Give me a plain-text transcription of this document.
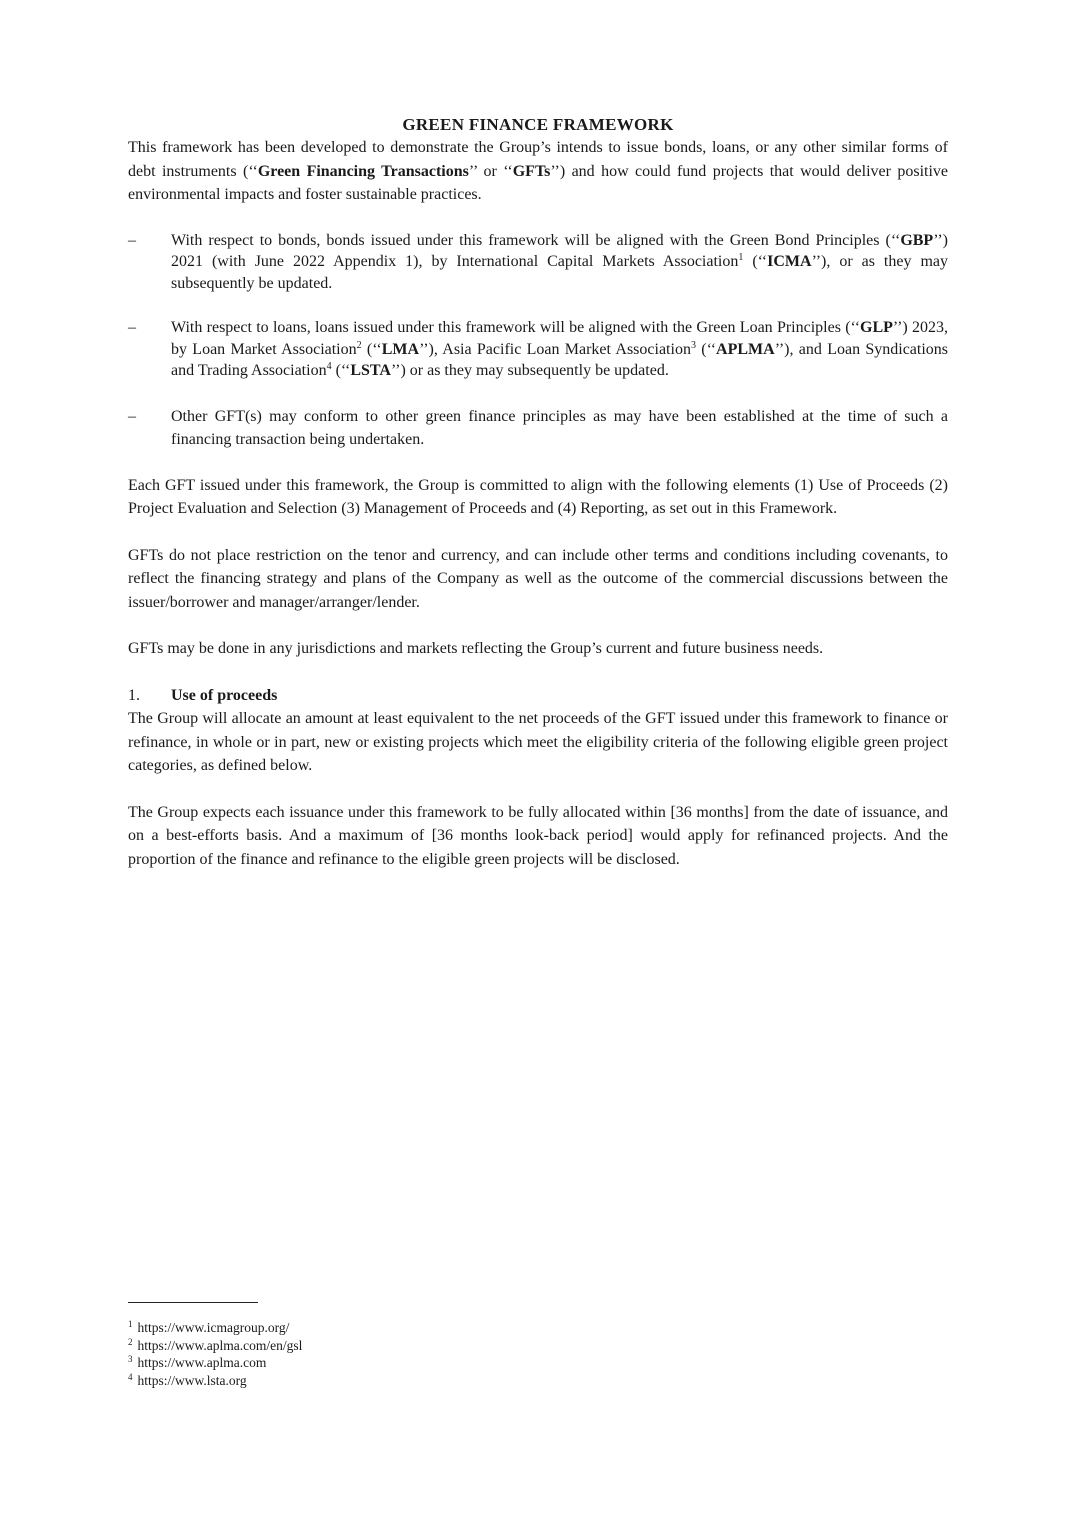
GREEN FINANCE FRAMEWORK

This framework has been developed to demonstrate the Group’s intends to issue bonds, loans, or any other similar forms of debt instruments (‘‘Green Financing Transactions’’ or ‘‘GFTs’’) and how could fund projects that would deliver positive environmental impacts and foster sustainable practices.

– With respect to bonds, bonds issued under this framework will be aligned with the Green Bond Principles (‘‘GBP’’) 2021 (with June 2022 Appendix 1), by International Capital Markets Association$^1$ (‘‘ICMA’’), or as they may subsequently be updated.
– With respect to loans, loans issued under this framework will be aligned with the Green Loan Principles (‘‘GLP’’) 2023, by Loan Market Association$^2$ (‘‘LMA’’), Asia Pacific Loan Market Association$^3$ (‘‘APLMA’’), and Loan Syndications and Trading Association$^4$ (‘‘LSTA’’) or as they may subsequently be updated.
– Other GFT(s) may conform to other green finance principles as may have been established at the time of such a financing transaction being undertaken.

Each GFT issued under this framework, the Group is committed to align with the following elements (1) Use of Proceeds (2) Project Evaluation and Selection (3) Management of Proceeds and (4) Reporting, as set out in this Framework.

GFTs do not place restriction on the tenor and currency, and can include other terms and conditions including covenants, to reflect the financing strategy and plans of the Company as well as the outcome of the commercial discussions between the issuer/borrower and manager/arranger/lender.

GFTs may be done in any jurisdictions and markets reflecting the Group’s current and future business needs.

1. Use of proceeds

The Group will allocate an amount at least equivalent to the net proceeds of the GFT issued under this framework to finance or refinance, in whole or in part, new or existing projects which meet the eligibility criteria of the following eligible green project categories, as defined below.

The Group expects each issuance under this framework to be fully allocated within [36 months] from the date of issuance, and on a best-efforts basis. And a maximum of [36 months look-back period] would apply for refinanced projects. And the proportion of the finance and refinance to the eligible green projects will be disclosed.

$^1$ https://www.icmagroup.org/
$^2$ https://www.aplma.com/en/gsl
$^3$ https://www.aplma.com
$^4$ https://www.lsta.org
